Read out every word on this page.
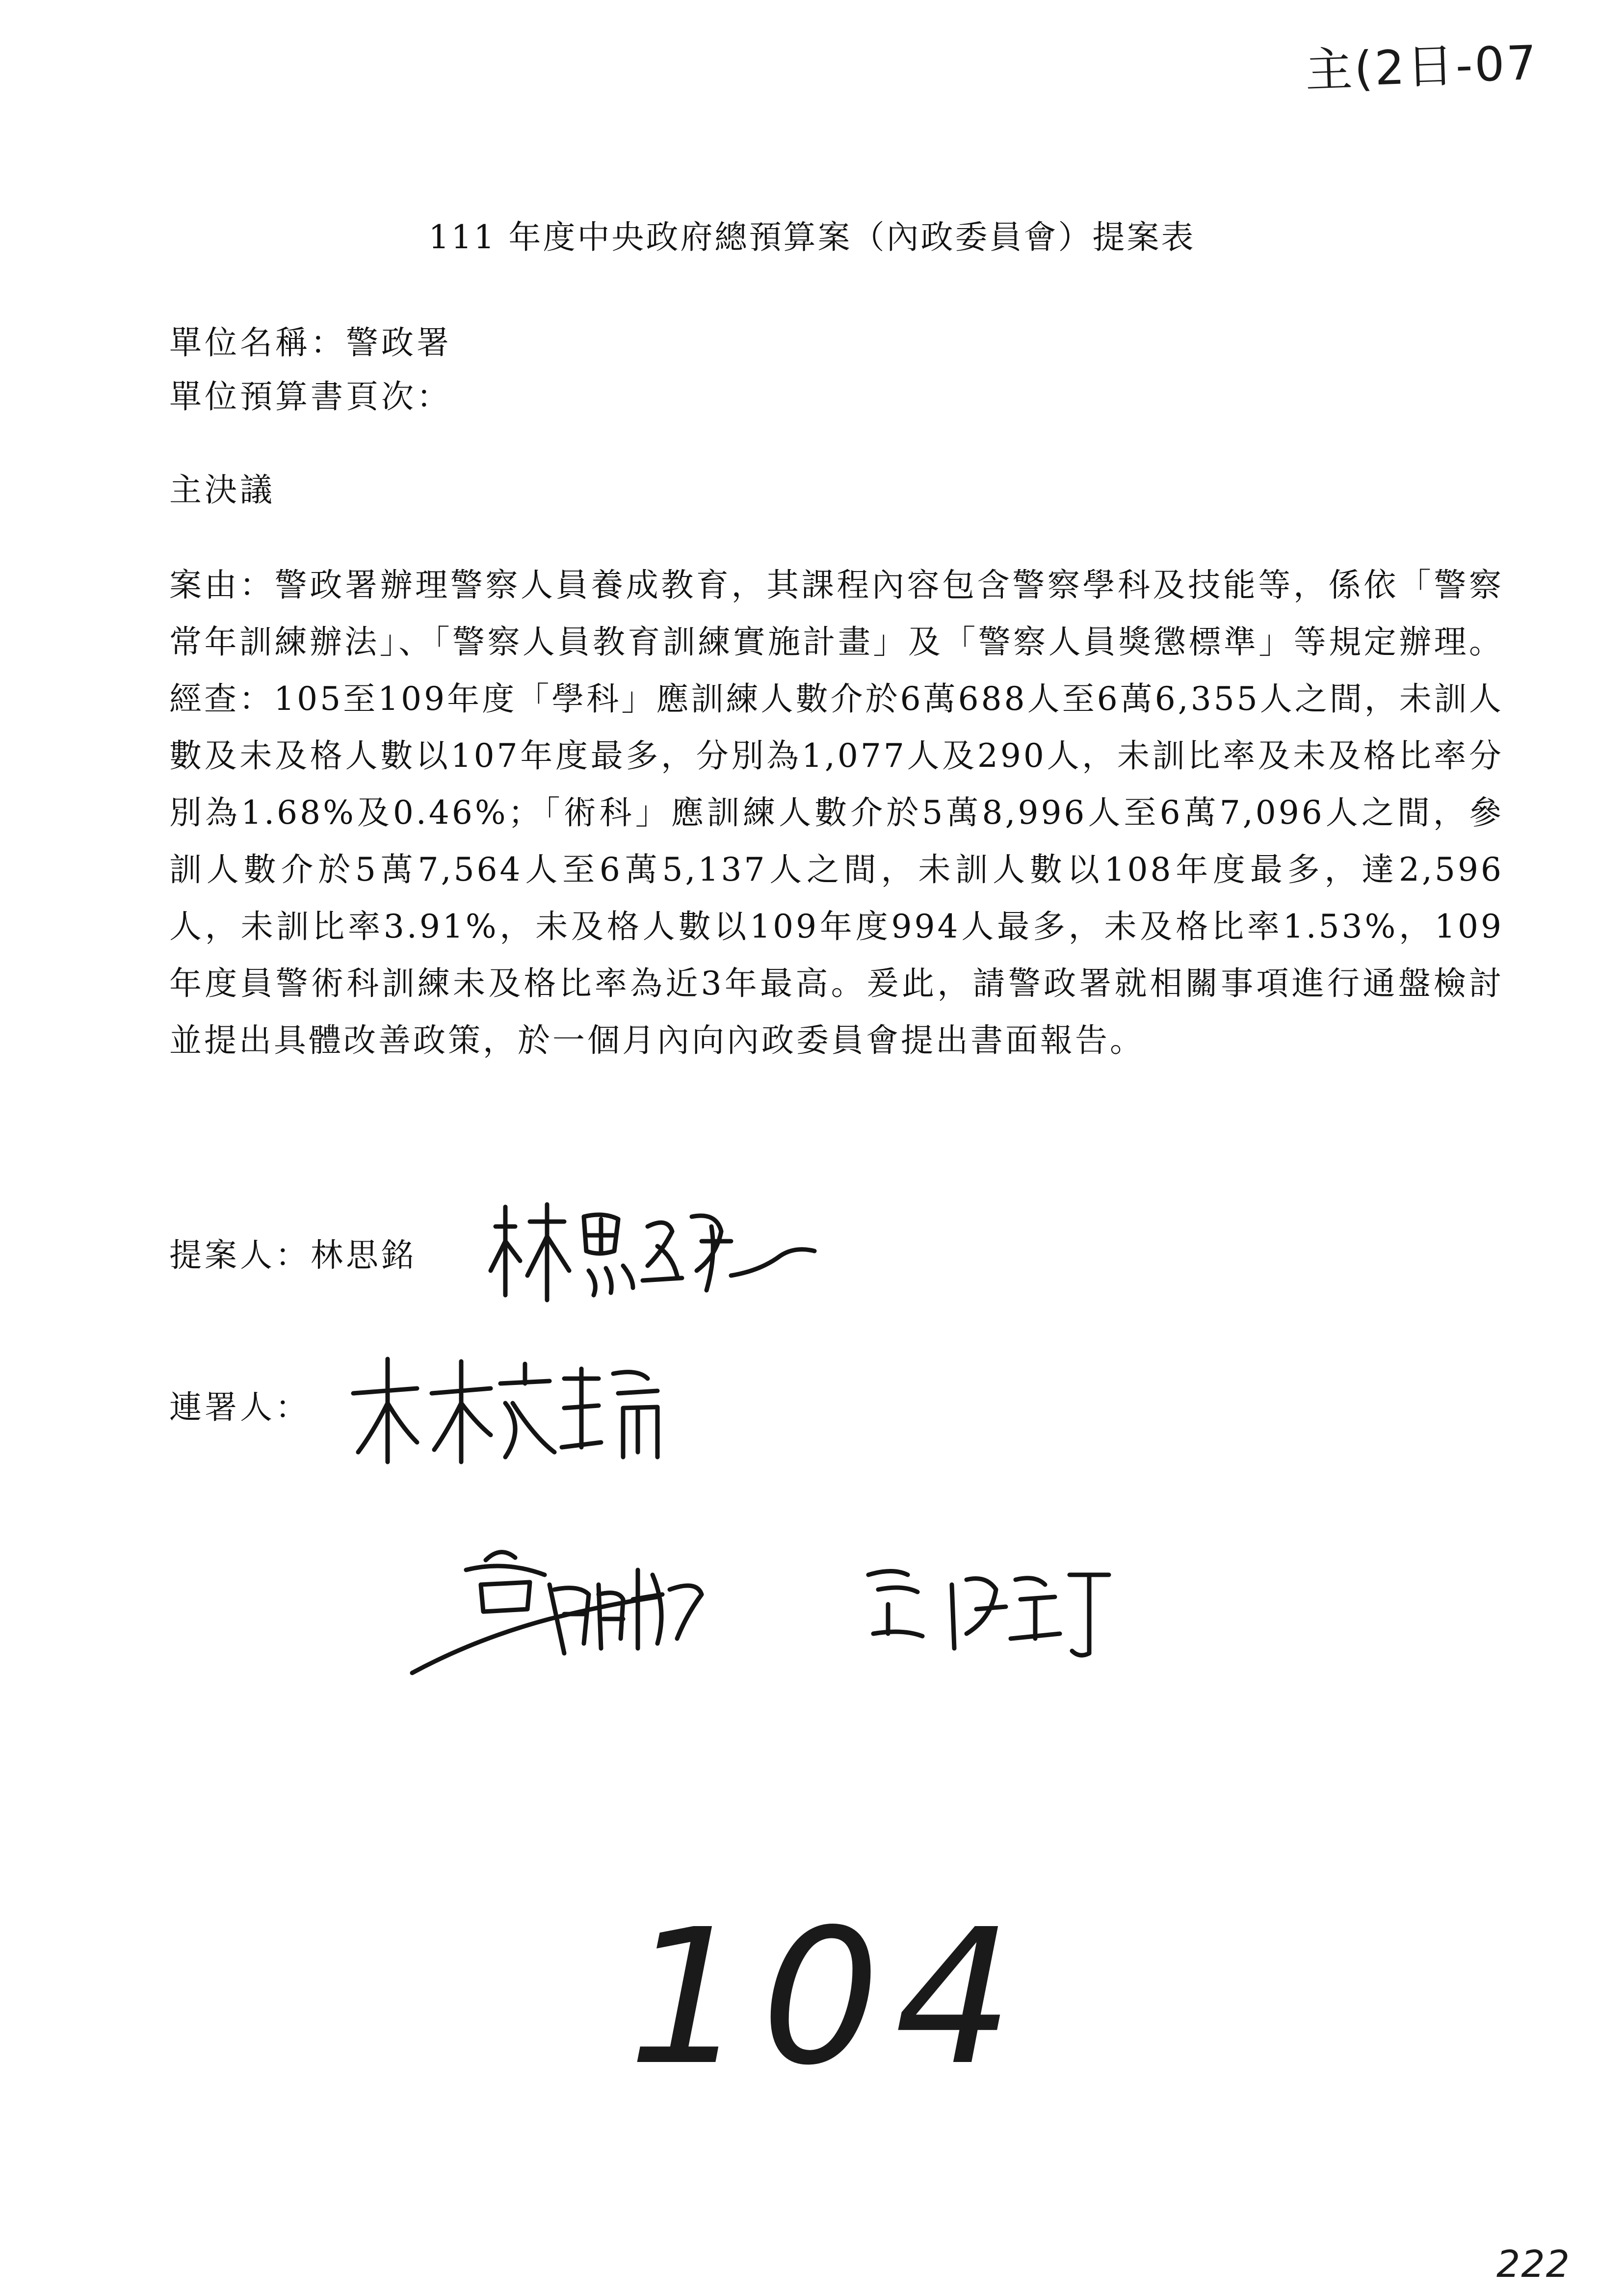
主(2日-07
111 年度中央政府總預算案（內政委員會）提案表
單位名稱：警政署
單位預算書頁次：
主決議
案由：警政署辦理警察人員養成教育，其課程內容包含警察學科及技能等，係依「警察常年訓練辦法」、「警察人員教育訓練實施計畫」及「警察人員獎懲標準」等規定辦理。經查：105至109年度「學科」應訓練人數介於6萬688人至6萬6,355人之間，未訓人數及未及格人數以107年度最多，分別為1,077人及290人，未訓比率及未及格比率分別為1.68%及0.46%；「術科」應訓練人數介於5萬8,996人至6萬7,096人之間，參訓人數介於5萬7,564人至6萬5,137人之間，未訓人數以108年度最多，達2,596人，未訓比率3.91%，未及格人數以109年度994人最多，未及格比率1.53%，109年度員警術科訓練未及格比率為近3年最高。爰此，請警政署就相關事項進行通盤檢討並提出具體改善政策，於一個月內向內政委員會提出書面報告。
提案人：林思銘
連署人：
104
222
